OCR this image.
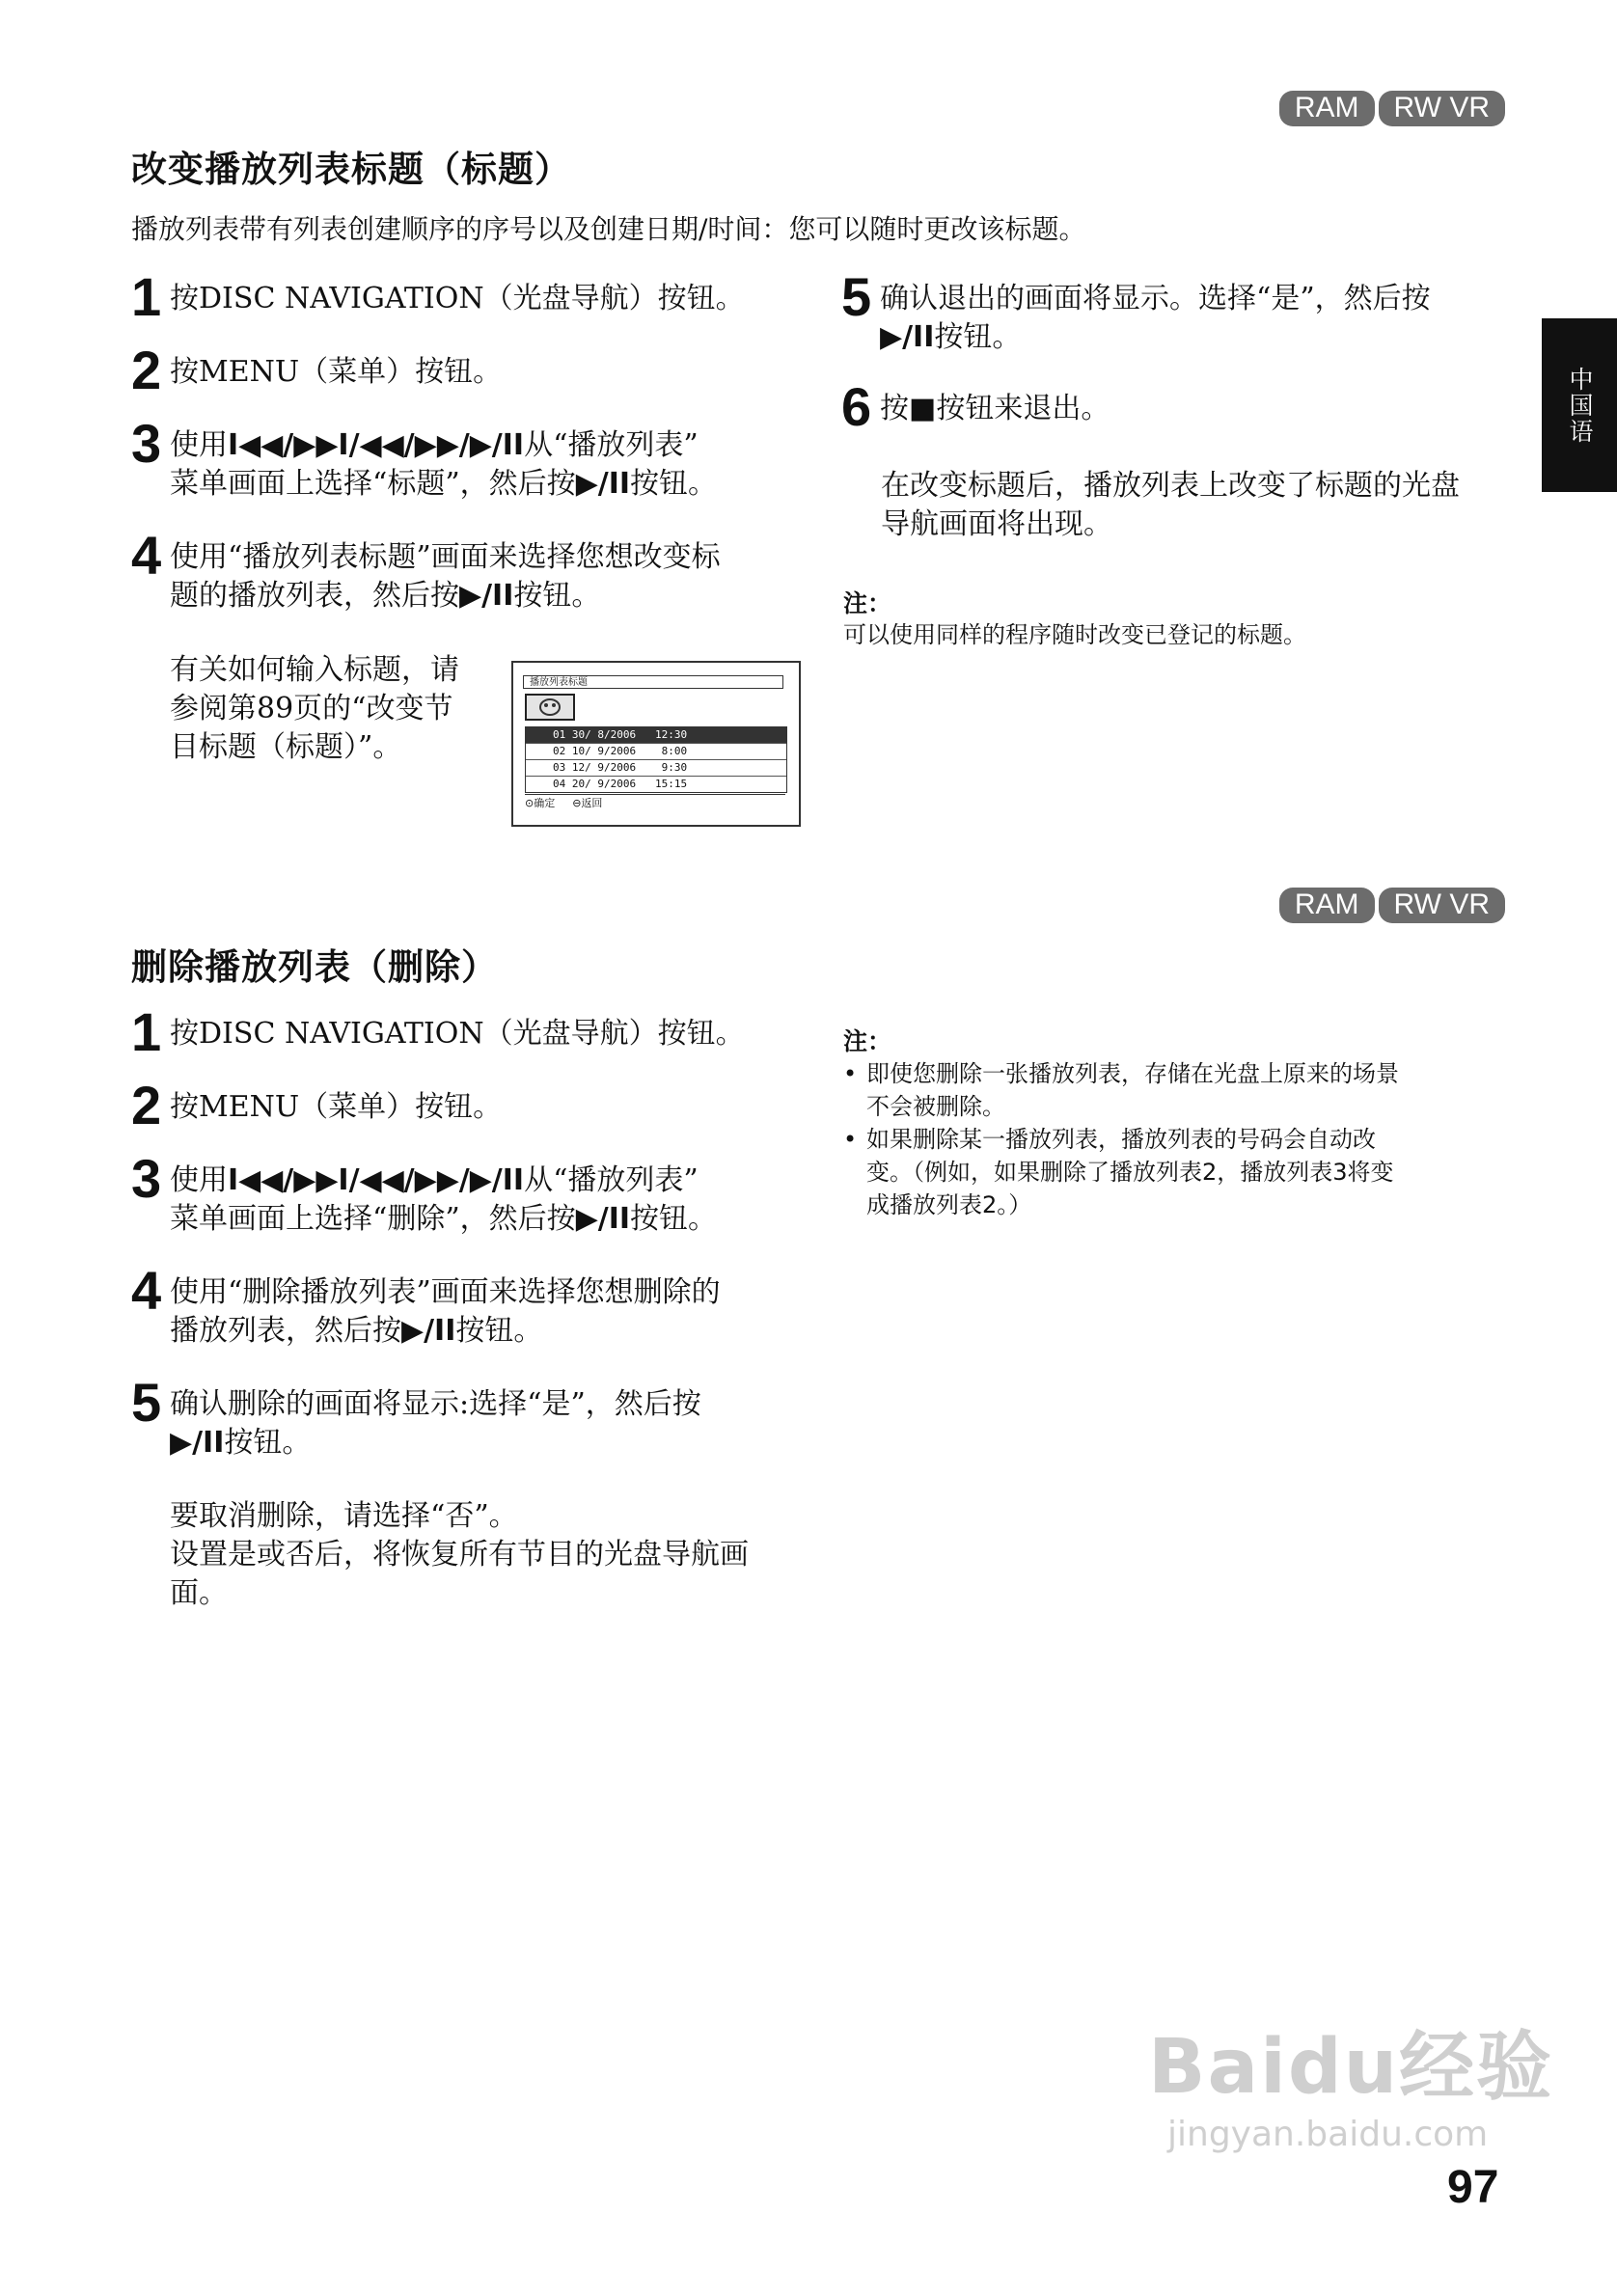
RAM	RW VR
中国语
改变播放列表标题（标题）
播放列表带有列表创建顺序的序号以及创建日期/时间：您可以随时更改该标题。
1 按DISC NAVIGATION（光盘导航）按钮。
2 按MENU（菜单）按钮。
3 使用I◀◀/▶▶I/◀◀/▶▶/▶/II从“播放列表”
菜单画面上选择“标题”，然后按▶/II按钮。
4 使用“播放列表标题”画面来选择您想改变标
题的播放列表，然后按▶/II按钮。
有关如何输入标题，请
参阅第89页的“改变节
目标题（标题）”。
播放列表标题
01 30/ 8/2006   12:30
02 10/ 9/2006    8:00
03 12/ 9/2006    9:30
04 20/ 9/2006   15:15
⊙确定 ⊖返回
5 确认退出的画面将显示。选择“是”，然后按
▶/II按钮。
6 按■按钮来退出。
在改变标题后，播放列表上改变了标题的光盘
导航画面将出现。
注：
可以使用同样的程序随时改变已登记的标题。
RAM	RW VR
删除播放列表（删除）
1 按DISC NAVIGATION（光盘导航）按钮。
2 按MENU（菜单）按钮。
3 使用I◀◀/▶▶I/◀◀/▶▶/▶/II从“播放列表”
菜单画面上选择“删除”，然后按▶/II按钮。
4 使用“删除播放列表”画面来选择您想删除的
播放列表，然后按▶/II按钮。
5 确认删除的画面将显示:选择“是”，然后按
▶/II按钮。
要取消删除，请选择“否”。
设置是或否后，将恢复所有节目的光盘导航画
面。
注：
• 即使您删除一张播放列表，存储在光盘上原来的场景
不会被删除。
• 如果删除某一播放列表，播放列表的号码会自动改
变。（例如，如果删除了播放列表2，播放列表3将变
成播放列表2。）
Baidu经验
jingyan.baidu.com
97
